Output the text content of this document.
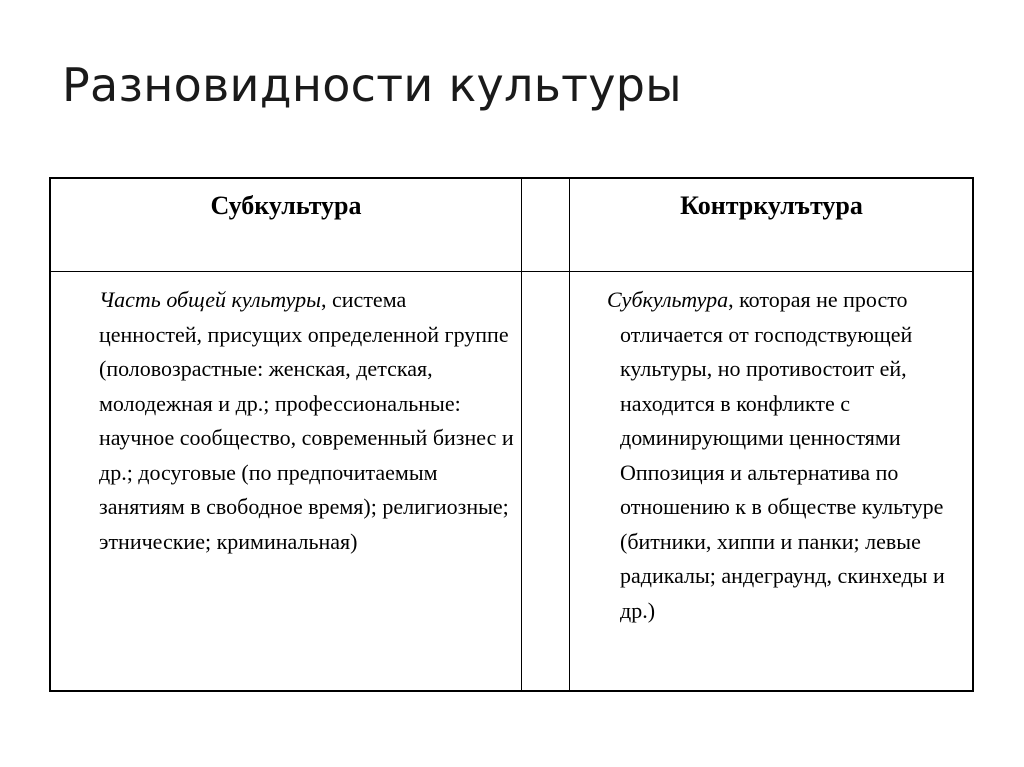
Разновидности культуры
Субкультура	Контркулътура

Часть общей культуры, система ценностей, присущих определенной группе (половозрастные: женская, детская, молодежная и др.; профессиональные: научное сообщество, современный бизнес и др.; досуговые (по предпочитаемым занятиям в свободное время); религиозные; этнические; криминальная)

Субкультура, которая не просто отличается от господствующей культуры, но противостоит ей, находится в конфликте с доминирующими ценностями Оппозиция и альтернатива по отношению к в обществе культуре (битники, хиппи и панки; левые радикалы; андеграунд, скинхеды и др.)
